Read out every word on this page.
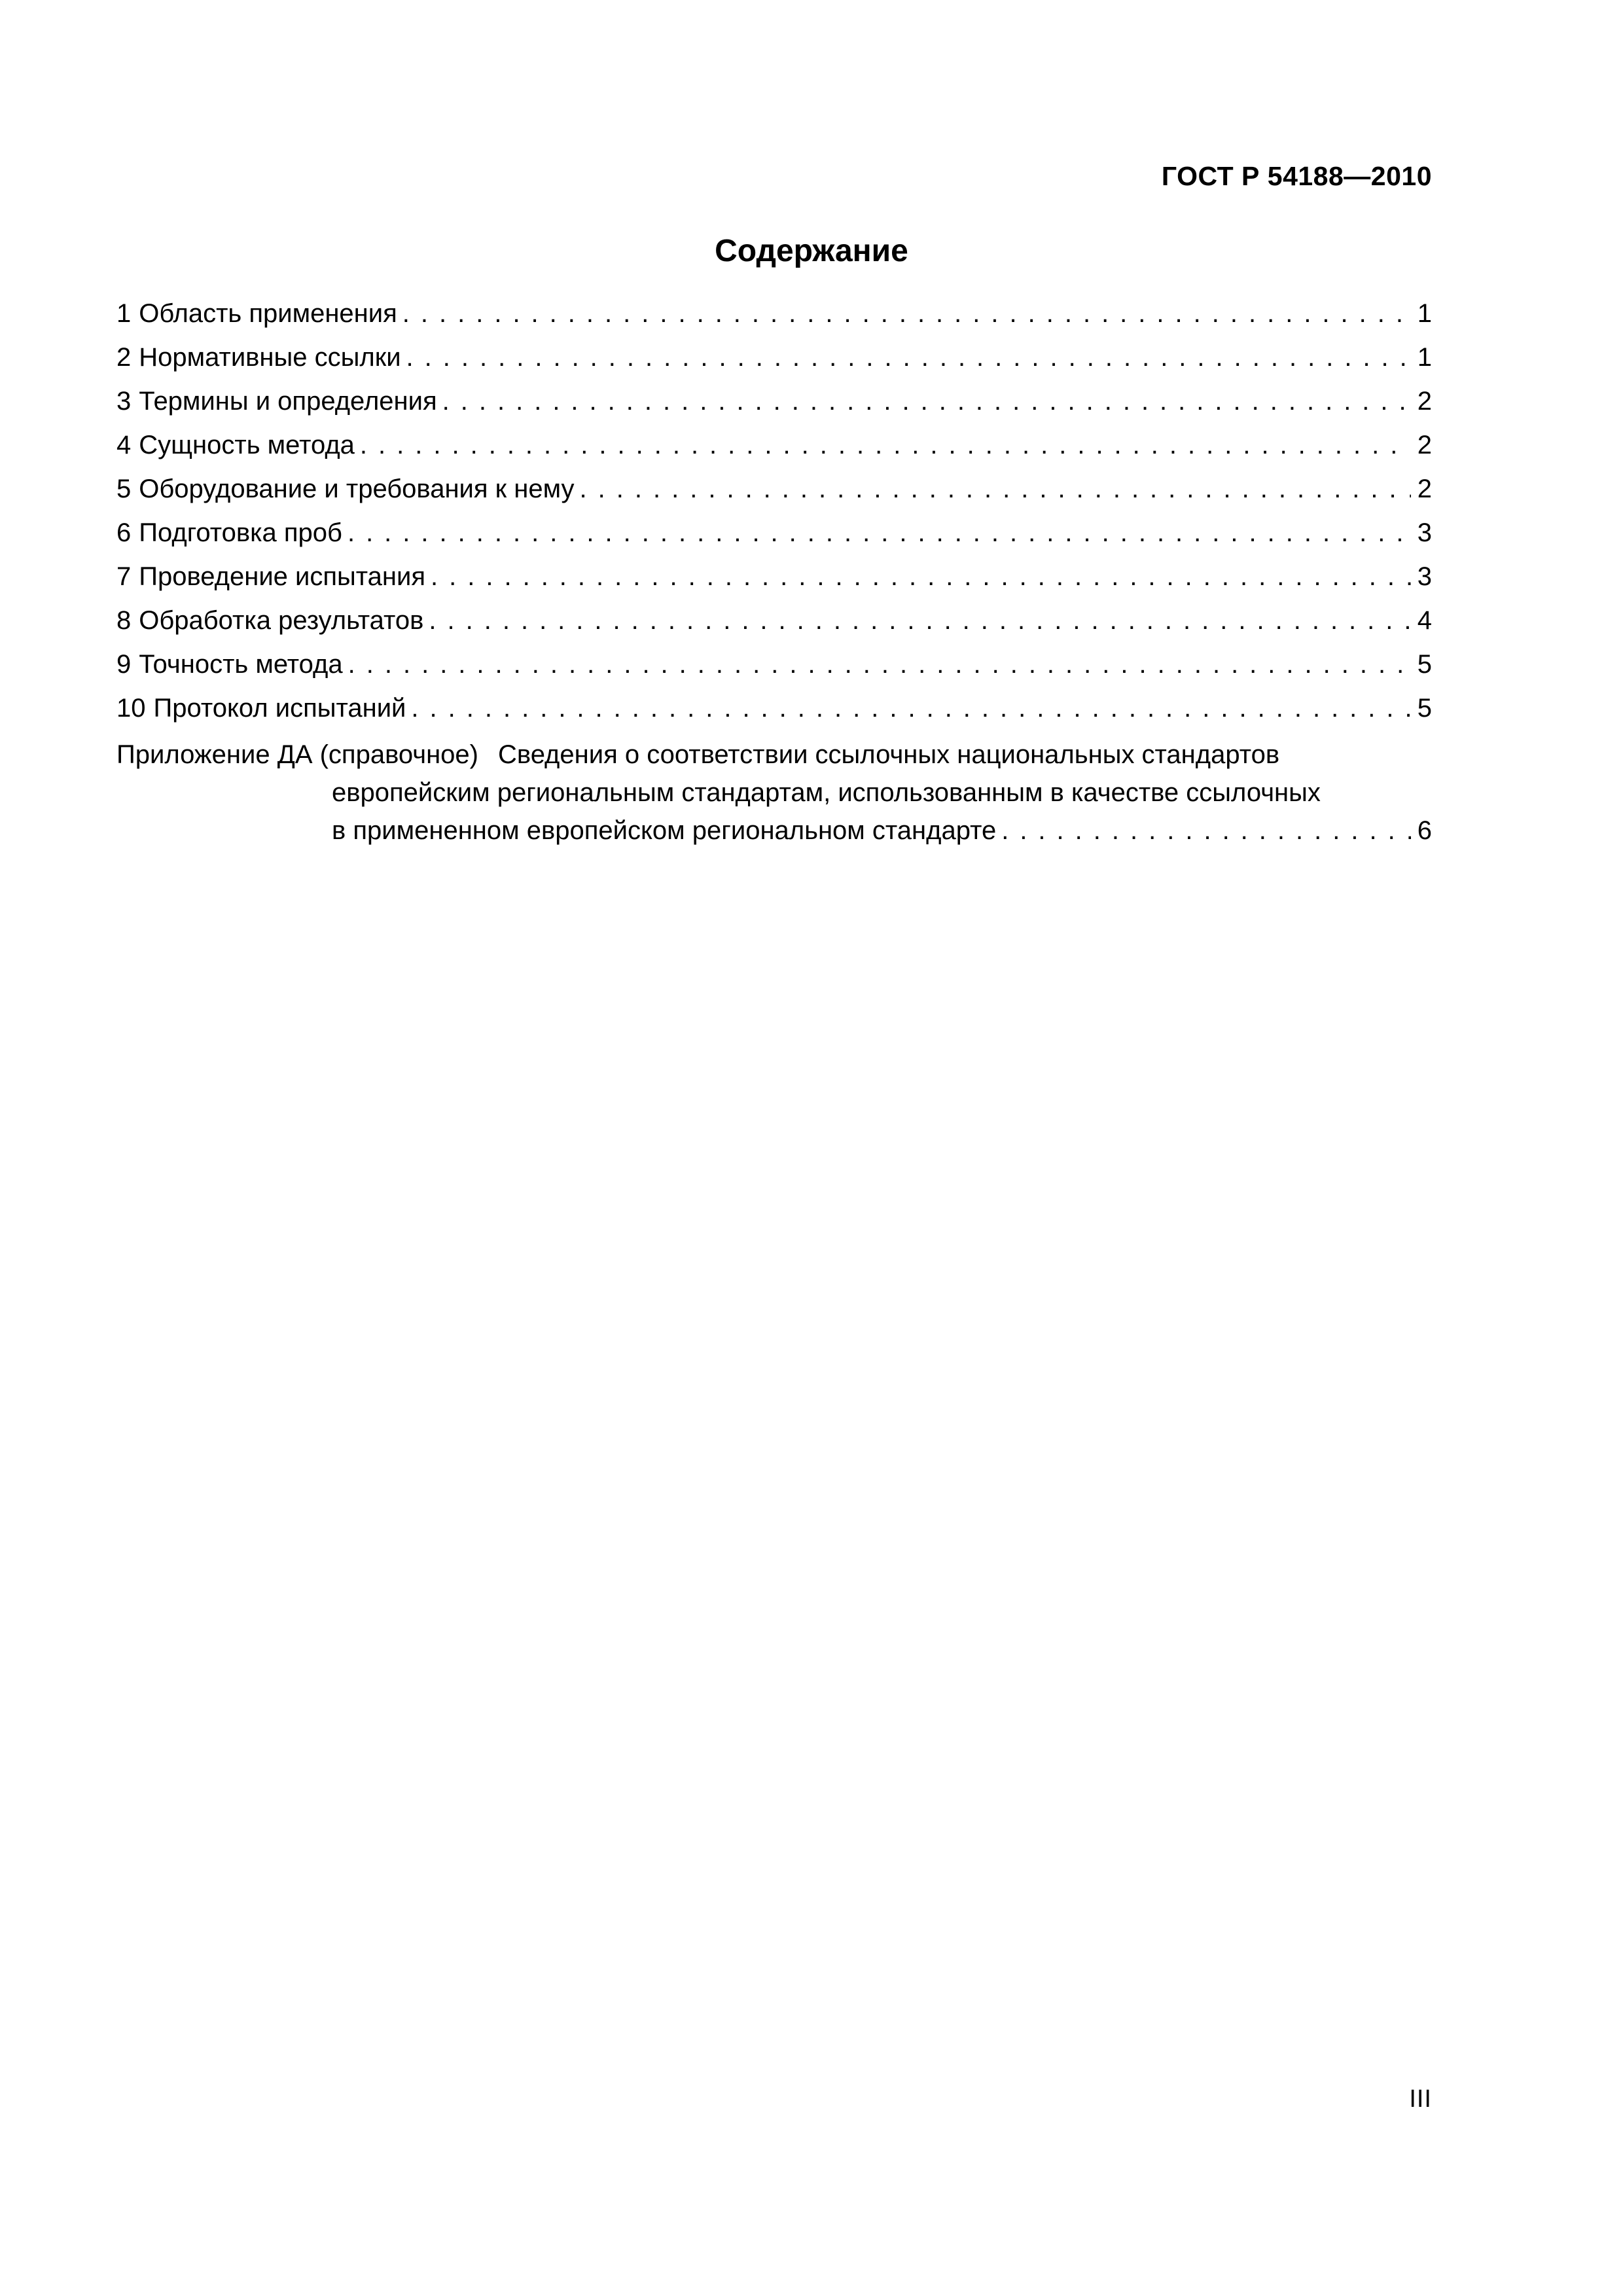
ГОСТ Р 54188—2010
Содержание
1 Область применения .....	1
2 Нормативные ссылки .....	1
3 Термины и определения .....	2
4 Сущность метода .....	2
5 Оборудование и требования к нему .....	2
6 Подготовка проб .....	3
7 Проведение испытания .....	3
8 Обработка результатов .....	4
9 Точность метода .....	5
10 Протокол испытаний .....	5
Приложение ДА (справочное) Сведения о соответствии ссылочных национальных стандартов
европейским региональным стандартам, использованным в качестве ссылочных
в примененном европейском региональном стандарте .....	6
III
